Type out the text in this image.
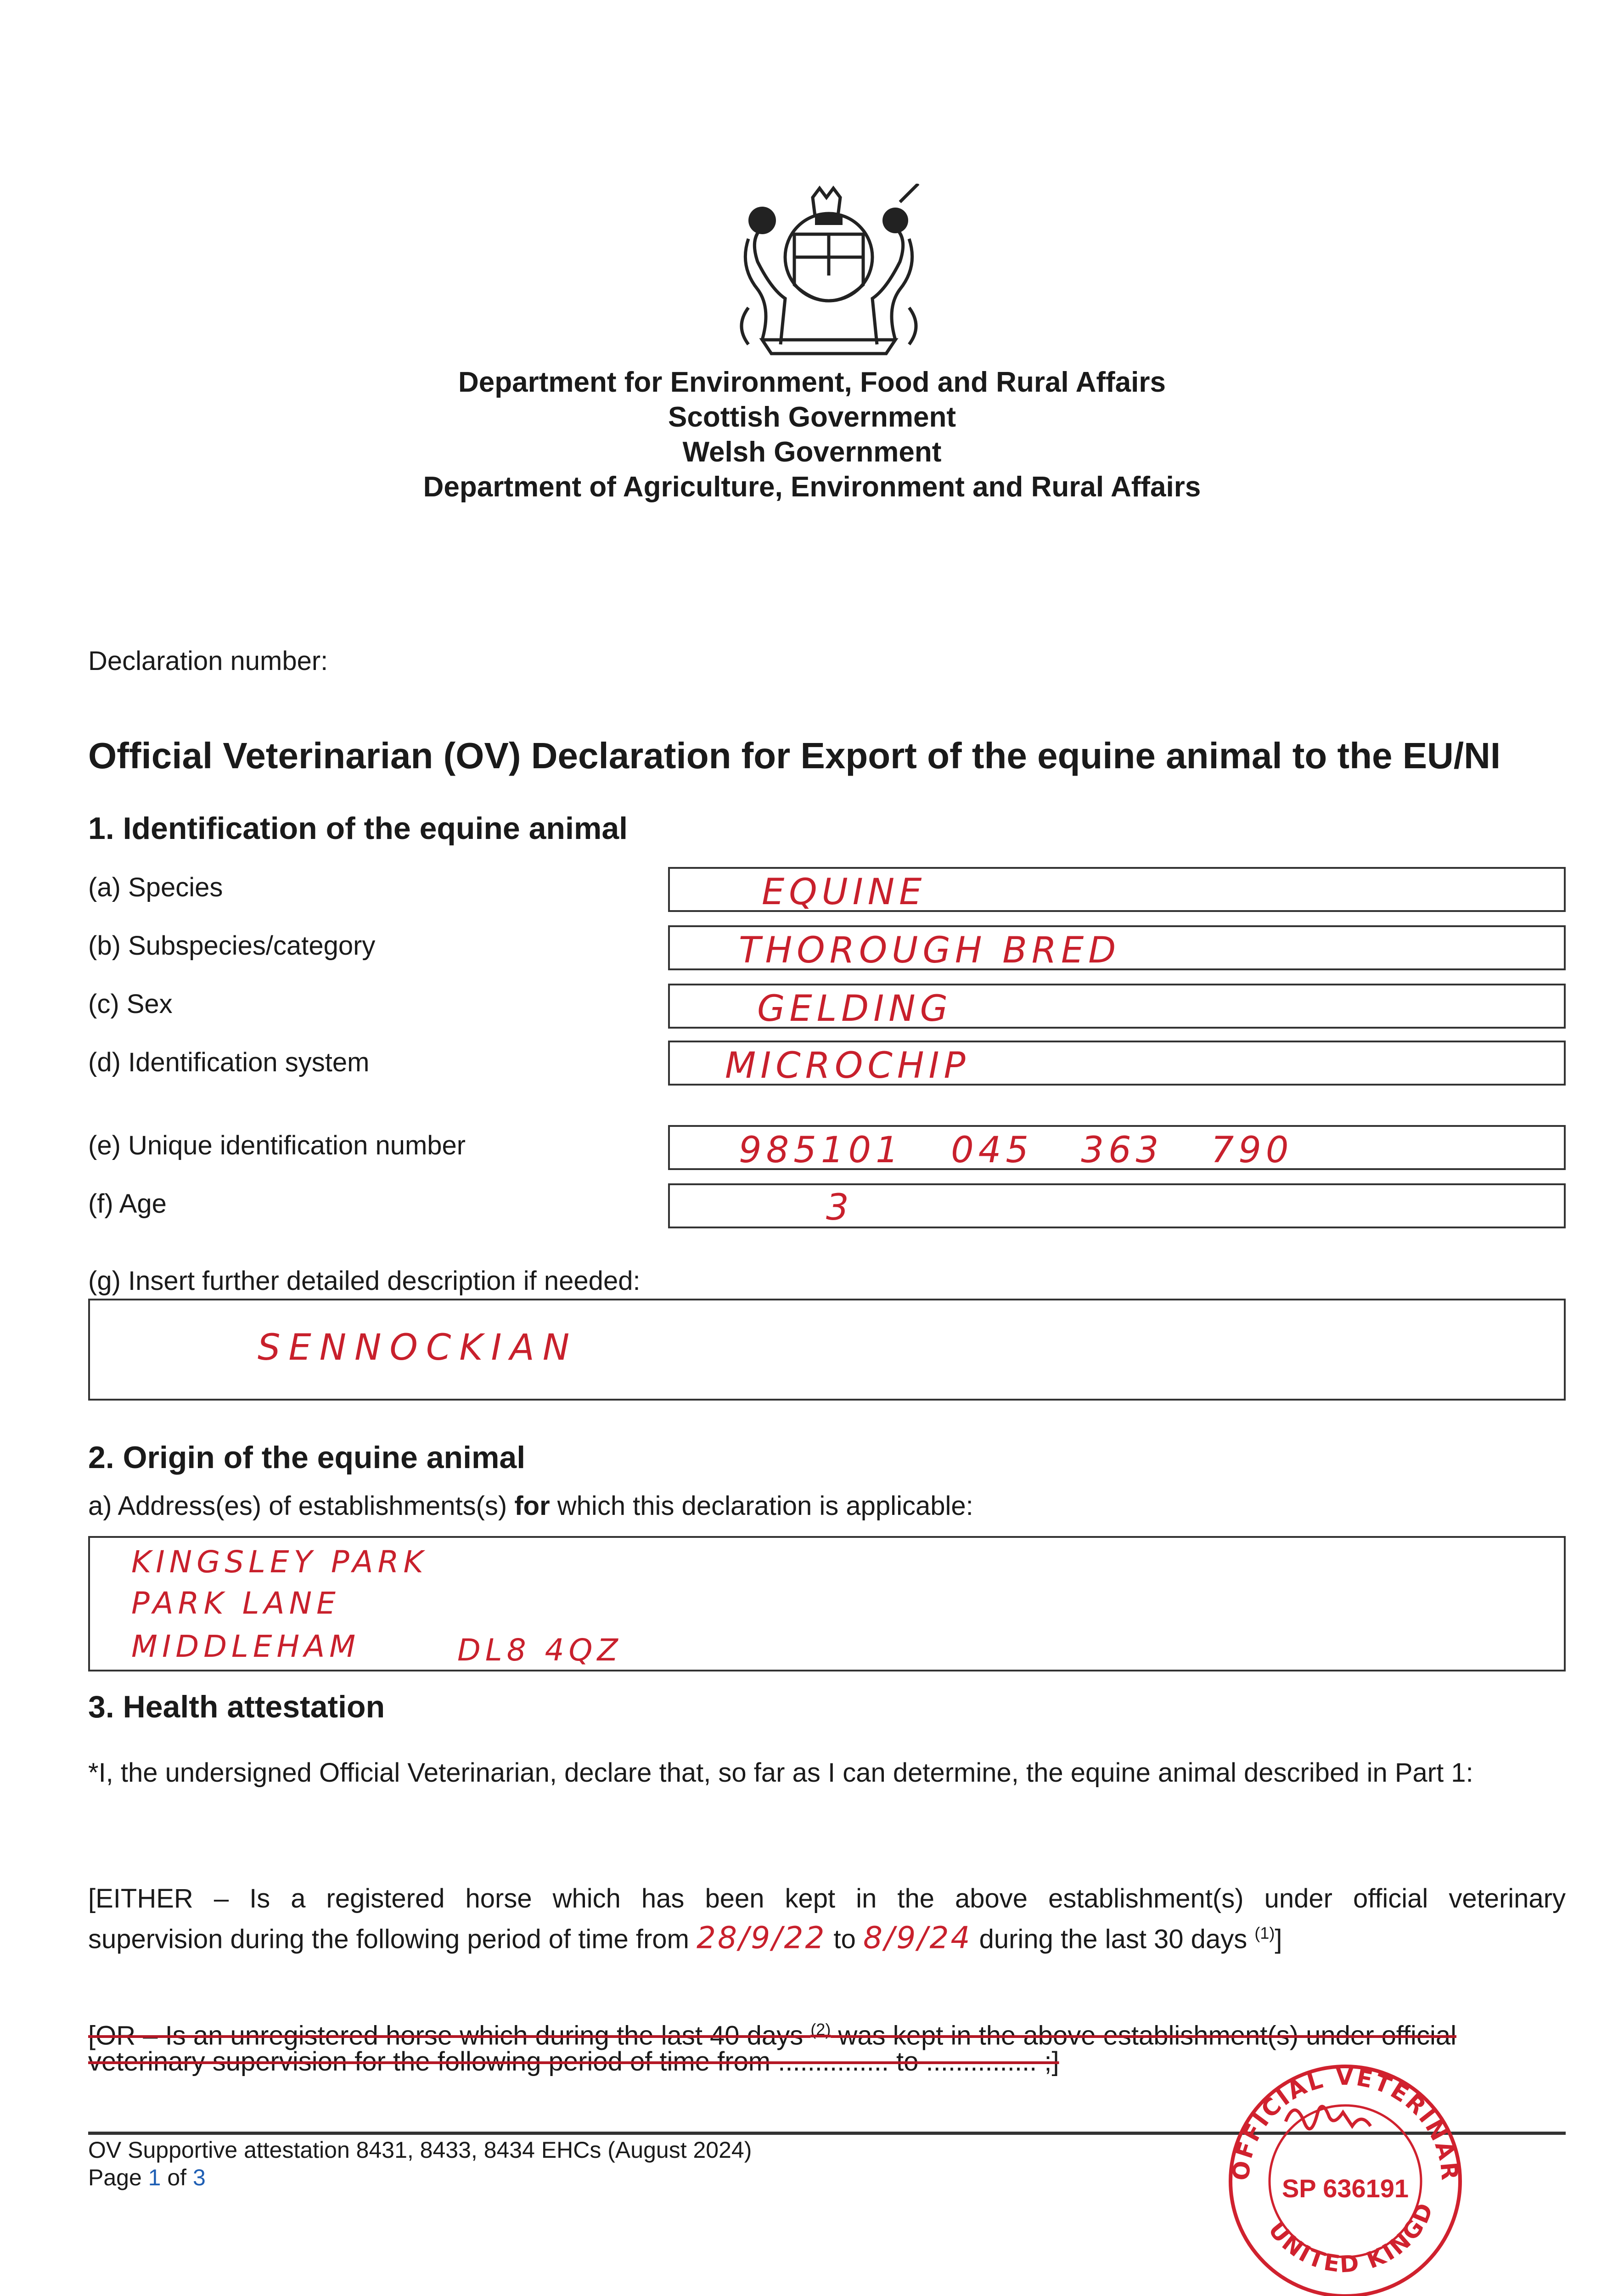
Department for Environment, Food and Rural Affairs
Scottish Government
Welsh Government
Department of Agriculture, Environment and Rural Affairs
Declaration number:
Official Veterinarian (OV) Declaration for Export of the equine animal to the EU/NI
1. Identification of the equine animal
(a) Species	EQUINE
(b) Subspecies/category	THOROUGH BRED
(c) Sex	GELDING
(d) Identification system	MICROCHIP
(e) Unique identification number	985101   045   363   790
(f) Age	3
(g) Insert further detailed description if needed:
SENNOCKIAN
2. Origin of the equine animal
a) Address(es) of establishments(s) for which this declaration is applicable:
KINGSLEY PARK
PARK LANE
MIDDLEHAM	DL8 4QZ
3. Health attestation
*I, the undersigned Official Veterinarian, declare that, so far as I can determine, the equine animal described in Part 1:
[EITHER – Is a registered horse which has been kept in the above establishment(s) under official veterinary
supervision during the following period of time from 28/9/22 to 8/9/24 during the last 30 days $^{(1)}$]
[OR – Is an unregistered horse which during the last 40 days $^{(2)}$ was kept in the above establishment(s) under official
veterinary supervision for the following period of time from ............... to ............... ;]
OV Supportive attestation 8431, 8433, 8434 EHCs (August 2024)
Page 1 of 3	OFFICIAL VETERINAR
UNITED KINGD
SP 636191
